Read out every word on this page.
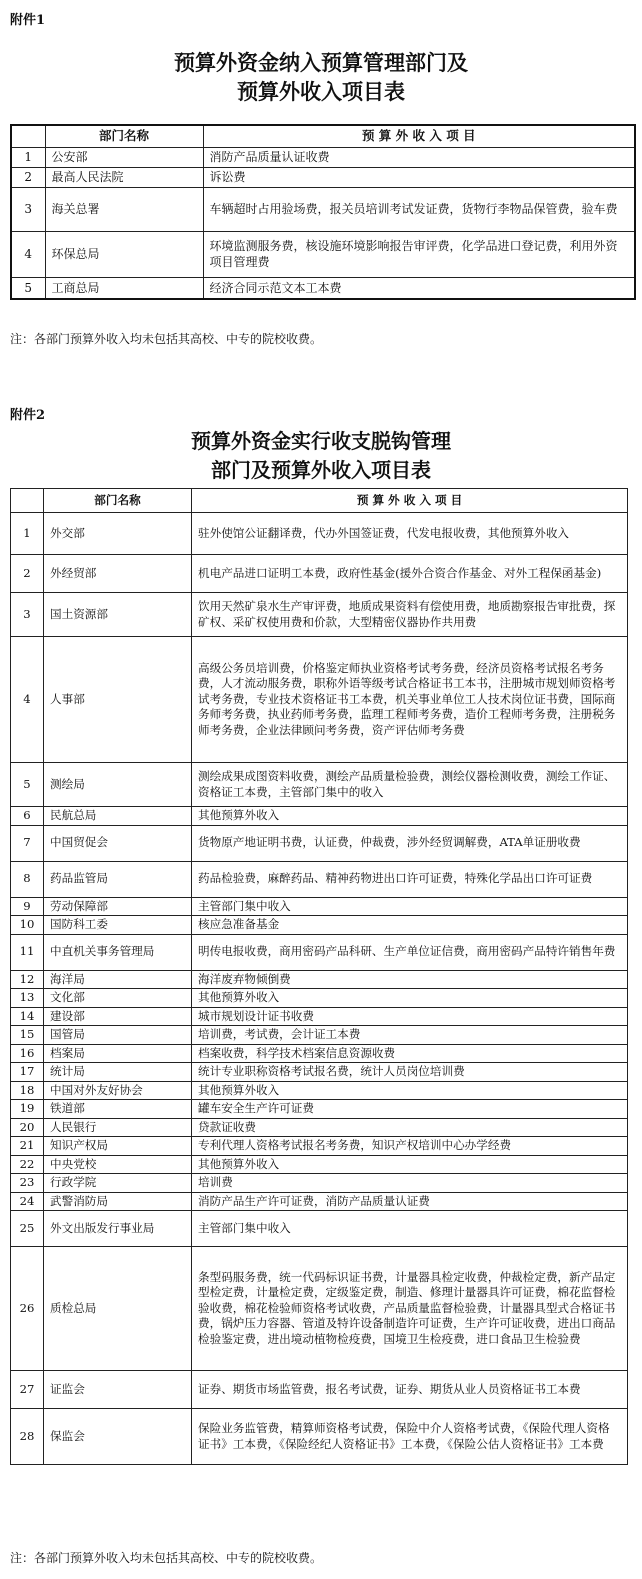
附件1
预算外资金纳入预算管理部门及
预算外收入项目表
	部门名称	预 算 外 收 入 项 目
1	公安部	消防产品质量认证收费
2	最高人民法院	诉讼费
3	海关总署	车辆超时占用验场费，报关员培训考试发证费，货物行李物品保管费，验车费
4	环保总局	环境监测服务费，核设施环境影响报告审评费，化学品进口登记费，利用外资项目管理费
5	工商总局	经济合同示范文本工本费
注：各部门预算外收入均未包括其高校、中专的院校收费。
附件2
预算外资金实行收支脱钩管理
部门及预算外收入项目表
	部门名称	预 算 外 收 入 项 目
1	外交部	驻外使馆公证翻译费，代办外国签证费，代发电报收费，其他预算外收入
2	外经贸部	机电产品进口证明工本费，政府性基金(援外合资合作基金、对外工程保函基金)
3	国土资源部	饮用天然矿泉水生产审评费，地质成果资料有偿使用费，地质勘察报告审批费，探矿权、采矿权使用费和价款，大型精密仪器协作共用费
4	人事部	高级公务员培训费，价格鉴定师执业资格考试考务费，经济员资格考试报名考务费，人才流动服务费，职称外语等级考试合格证书工本书，注册城市规划师资格考试考务费，专业技术资格证书工本费，机关事业单位工人技术岗位证书费，国际商务师考务费，执业药师考务费，监理工程师考务费，造价工程师考务费，注册税务师考务费，企业法律顾问考务费，资产评估师考务费
5	测绘局	测绘成果成图资料收费，测绘产品质量检验费，测绘仪器检测收费，测绘工作证、资格证工本费，主管部门集中的收入
6	民航总局	其他预算外收入
7	中国贸促会	货物原产地证明书费，认证费，仲裁费，涉外经贸调解费，ATA单证册收费
8	药品监管局	药品检验费，麻醉药品、精神药物进出口许可证费，特殊化学品出口许可证费
9	劳动保障部	主管部门集中收入
10	国防科工委	核应急准备基金
11	中直机关事务管理局	明传电报收费，商用密码产品科研、生产单位证信费，商用密码产品特许销售年费
12	海洋局	海洋废弃物倾倒费
13	文化部	其他预算外收入
14	建设部	城市规划设计证书收费
15	国管局	培训费，考试费，会计证工本费
16	档案局	档案收费，科学技术档案信息资源收费
17	统计局	统计专业职称资格考试报名费，统计人员岗位培训费
18	中国对外友好协会	其他预算外收入
19	铁道部	罐车安全生产许可证费
20	人民银行	贷款证收费
21	知识产权局	专利代理人资格考试报名考务费，知识产权培训中心办学经费
22	中央党校	其他预算外收入
23	行政学院	培训费
24	武警消防局	消防产品生产许可证费，消防产品质量认证费
25	外文出版发行事业局	主管部门集中收入
26	质检总局	条型码服务费，统一代码标识证书费，计量器具检定收费，仲裁检定费，新产品定型检定费，计量检定费，定级鉴定费，制造、修理计量器具许可证费，棉花监督检验收费，棉花检验师资格考试收费，产品质量监督检验费，计量器具型式合格证书费，锅炉压力容器、管道及特许设备制造许可证费，生产许可证收费，进出口商品检验鉴定费，进出境动植物检疫费，国境卫生检疫费，进口食品卫生检验费
27	证监会	证券、期货市场监管费，报名考试费，证券、期货从业人员资格证书工本费
28	保监会	保险业务监管费，精算师资格考试费，保险中介人资格考试费，《保险代理人资格证书》工本费，《保险经纪人资格证书》工本费，《保险公估人资格证书》工本费
注：各部门预算外收入均未包括其高校、中专的院校收费。
